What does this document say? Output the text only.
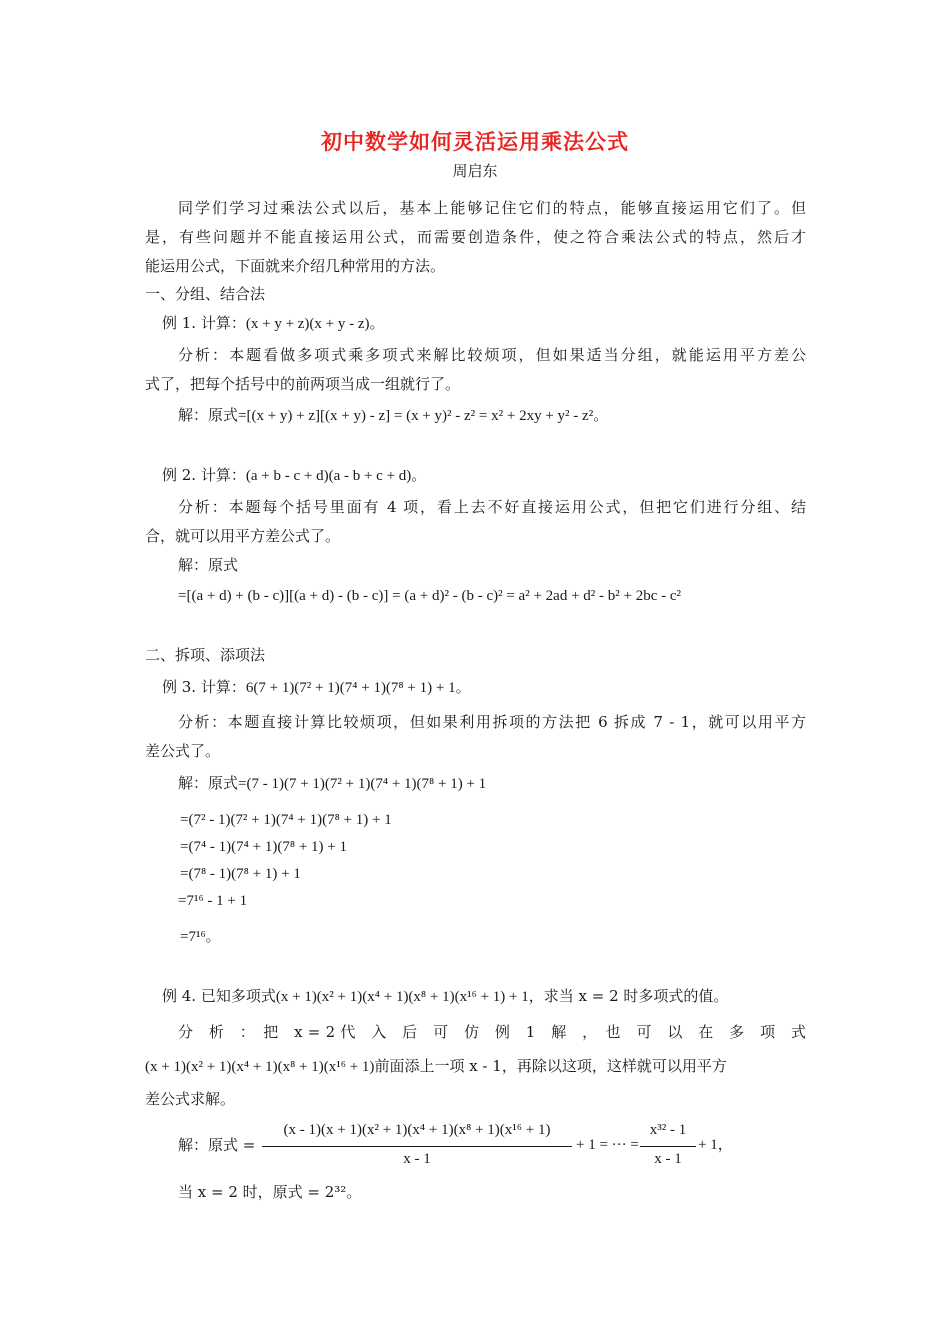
初中数学如何灵活运用乘法公式
周启东
同学们学习过乘法公式以后，基本上能够记住它们的特点，能够直接运用它们了。但
是，有些问题并不能直接运用公式，而需要创造条件，使之符合乘法公式的特点，然后才
能运用公式，下面就来介绍几种常用的方法。
一、分组、结合法
例 1. 计算：(x + y + z)(x + y - z)。
分析：本题看做多项式乘多项式来解比较烦项，但如果适当分组，就能运用平方差公
式了，把每个括号中的前两项当成一组就行了。
解：原式=[(x + y) + z][(x + y) - z] = (x + y)² - z² = x² + 2xy + y² - z²。
例 2. 计算：(a + b - c + d)(a - b + c + d)。
分析：本题每个括号里面有 4 项，看上去不好直接运用公式，但把它们进行分组、结
合，就可以用平方差公式了。
解：原式
=[(a + d) + (b - c)][(a + d) - (b - c)] = (a + d)² - (b - c)² = a² + 2ad + d² - b² + 2bc - c²
二、拆项、添项法
例 3. 计算：6(7 + 1)(7² + 1)(7⁴ + 1)(7⁸ + 1) + 1。
分析：本题直接计算比较烦项，但如果利用拆项的方法把 6 拆成 7 - 1，就可以用平方
差公式了。
解：原式=(7 - 1)(7 + 1)(7² + 1)(7⁴ + 1)(7⁸ + 1) + 1
=(7² - 1)(7² + 1)(7⁴ + 1)(7⁸ + 1) + 1
=(7⁴ - 1)(7⁴ + 1)(7⁸ + 1) + 1
=(7⁸ - 1)(7⁸ + 1) + 1
=7¹⁶ - 1 + 1
=7¹⁶。
例 4. 已知多项式(x + 1)(x² + 1)(x⁴ + 1)(x⁸ + 1)(x¹⁶ + 1) + 1，求当 x = 2 时多项式的值。
分　析　：　把　x = 2 代　入　后　可　仿　例　1　解　，　也　可　以　在　多　项　式
(x + 1)(x² + 1)(x⁴ + 1)(x⁸ + 1)(x¹⁶ + 1)前面添上一项 x - 1，再除以这项，这样就可以用平方
差公式求解。
解：原式 =
(x - 1)(x + 1)(x² + 1)(x⁴ + 1)(x⁸ + 1)(x¹⁶ + 1)
x - 1
+ 1 = ··· =
x³² - 1
x - 1
+ 1，
当 x = 2 时，原式 = 2³²。
